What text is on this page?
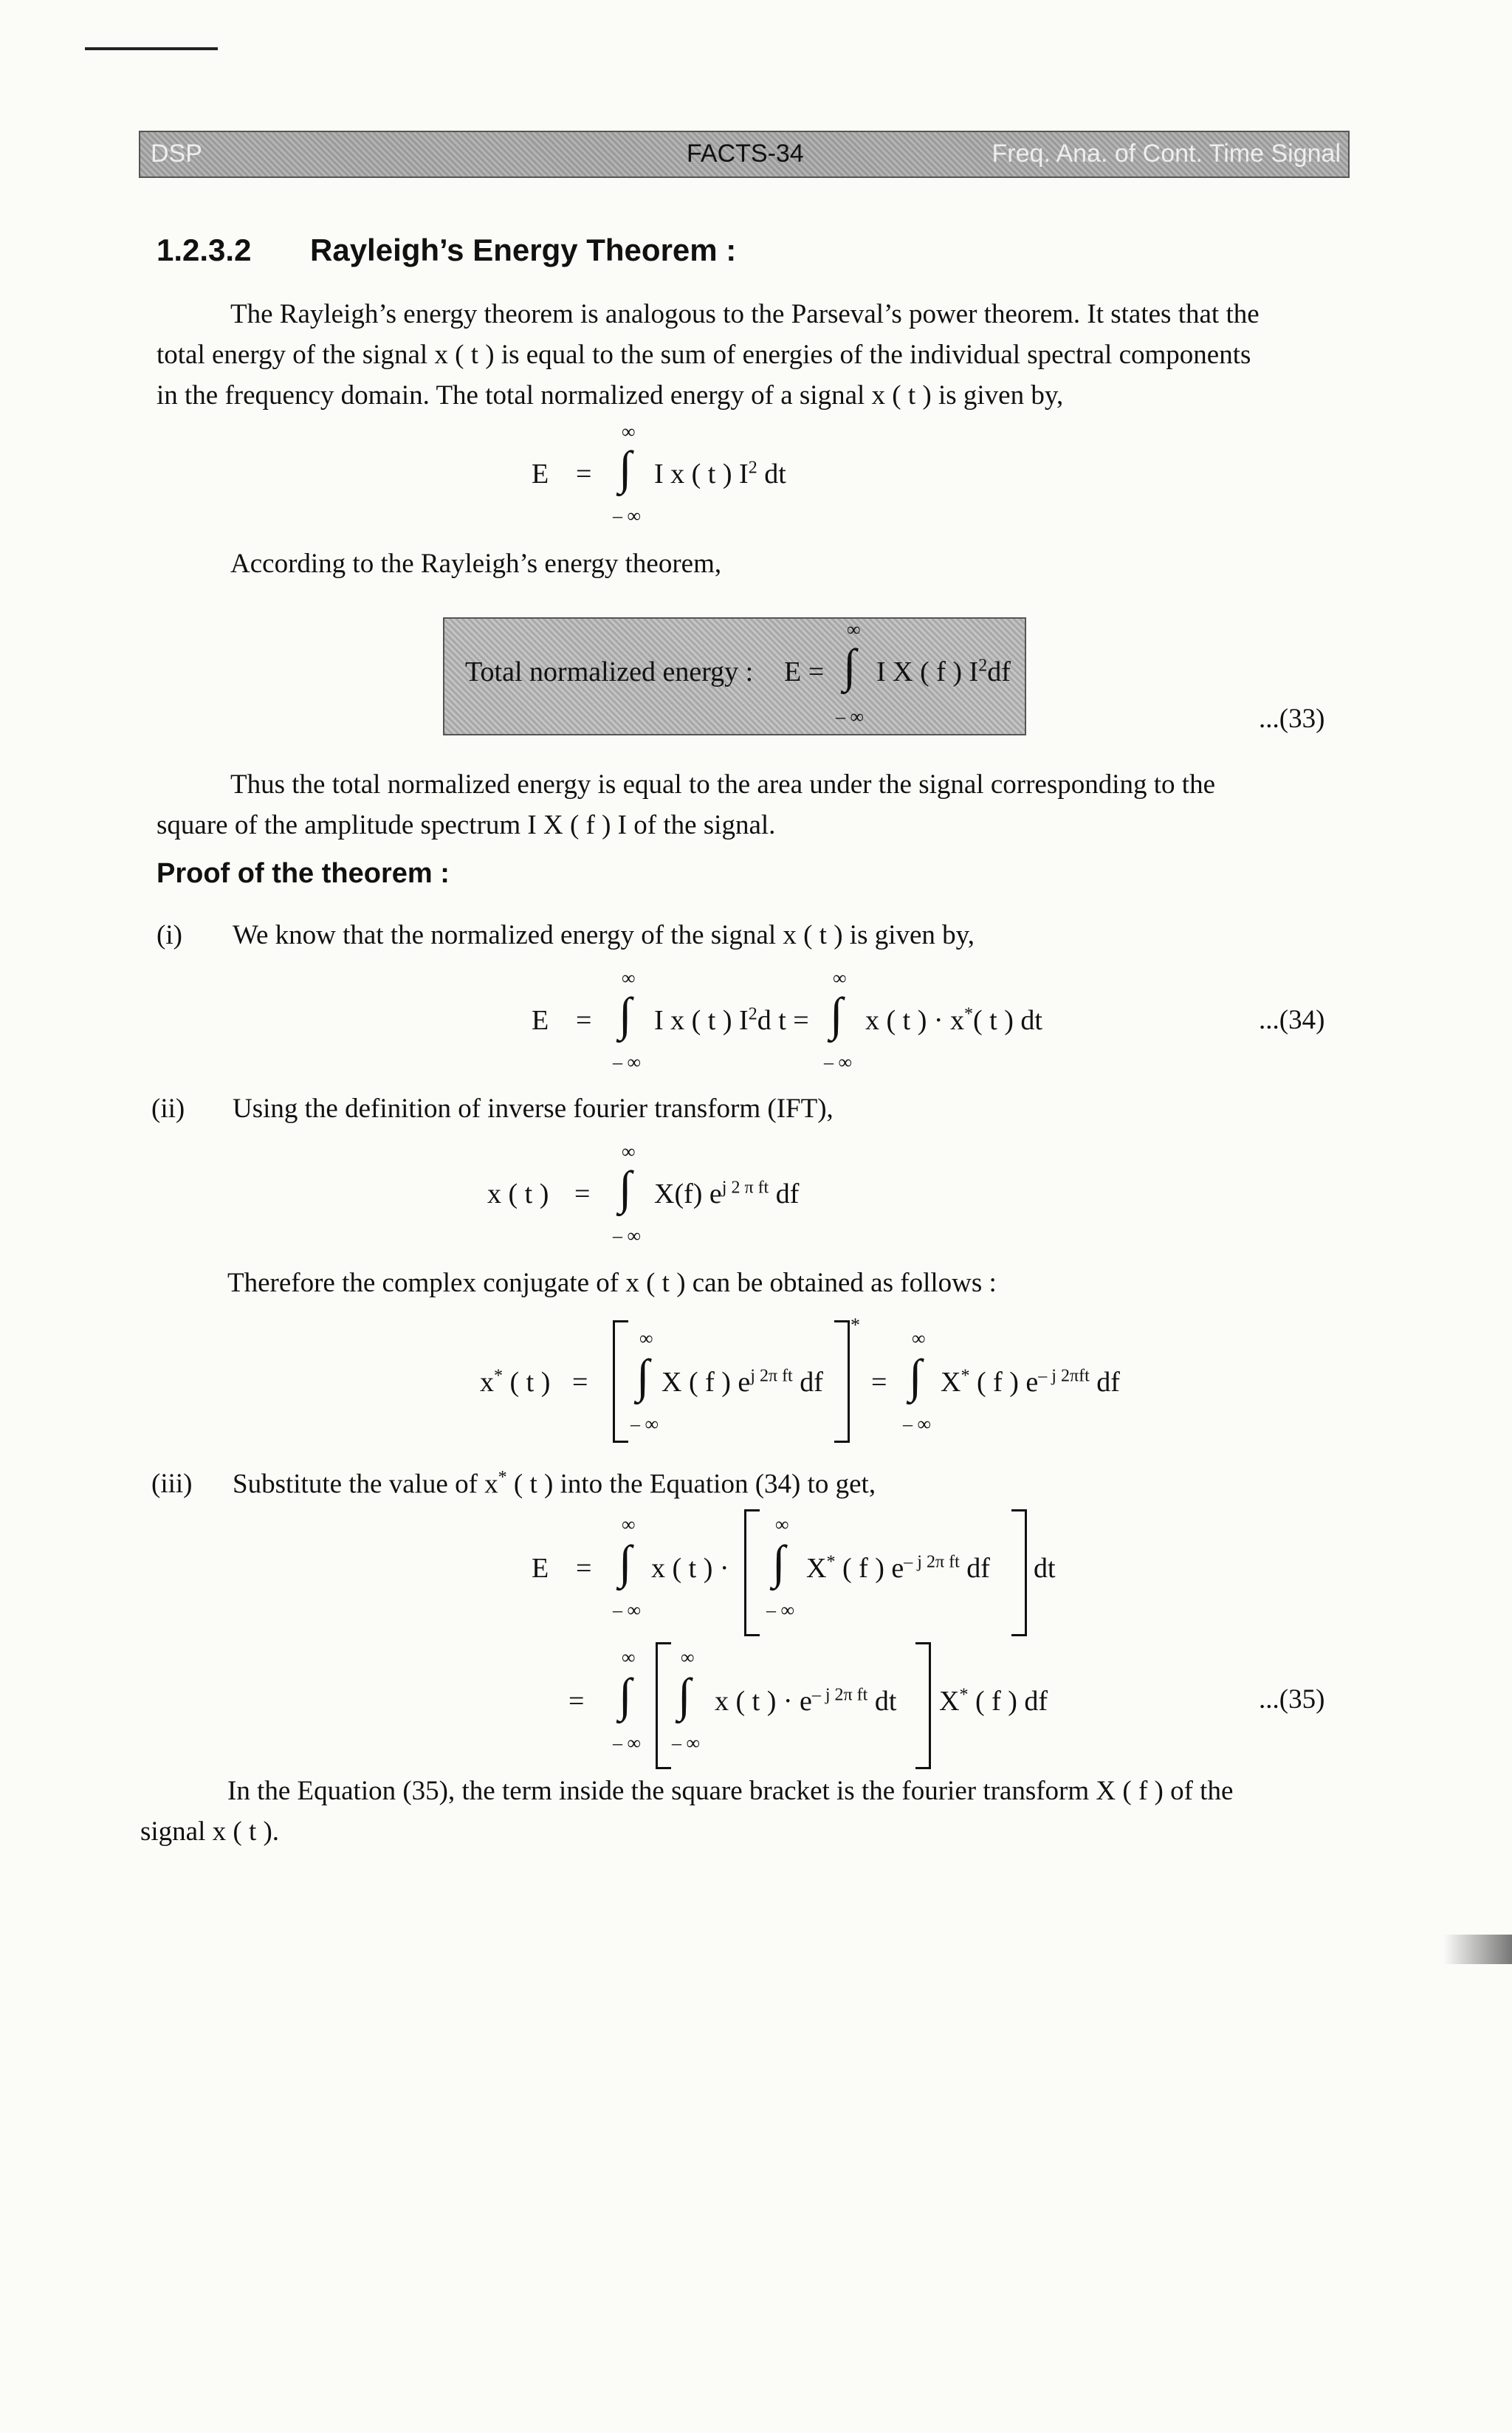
DSP	FACTS-34	Freq. Ana. of Cont. Time Signal
1.2.3.2 Rayleigh’s Energy Theorem :
The Rayleigh’s energy theorem is analogous to the Parseval’s power theorem. It states that the
total energy of the signal x ( t ) is equal to the sum of energies of the individual spectral components
in the frequency domain. The total normalized energy of a signal x ( t ) is given by,
E =
∞
∫
– ∞
I x ( t ) $I^2$ dt
According to the Rayleigh’s energy theorem,
Total normalized energy : E =
∞
∫
– ∞
I X ( f ) $I^2df$
...(33)
Thus the total normalized energy is equal to the area under the signal corresponding to the
square of the amplitude spectrum I X ( f ) I of the signal.
Proof of the theorem :
(i) We know that the normalized energy of the signal x ( t ) is given by,
E =
∞
∫
– ∞
I x ( t ) $I^2d$ t =
∞
∫
– ∞
x ( t ) · x*( t ) dt	...(34)
(ii) Using the definition of inverse fourier transform (IFT),
x ( t ) =
∞
∫
– ∞
X(f) $e^{j 2 \pi ft}$ df
Therefore the complex conjugate of x ( t ) can be obtained as follows :
x* ( t ) =
∞
∫
– ∞
X ( f ) $e^{j 2\pi ft}$ df
*
=
∞
∫
– ∞
X* ( f ) $e^{- j 2\pi ft}$ df
(iii) Substitute the value of x* ( t ) into the Equation (34) to get,
E =
∞
∫
– ∞
x ( t ) ·
∞
∫
– ∞
X* ( f ) $e^{- j 2\pi ft}$ df dt
=
∞
∫
– ∞
∞
∫
– ∞
x ( t ) · $e^{- j 2\pi ft}$ dt X* ( f ) df	...(35)
In the Equation (35), the term inside the square bracket is the fourier transform X ( f ) of the
signal x ( t ).
